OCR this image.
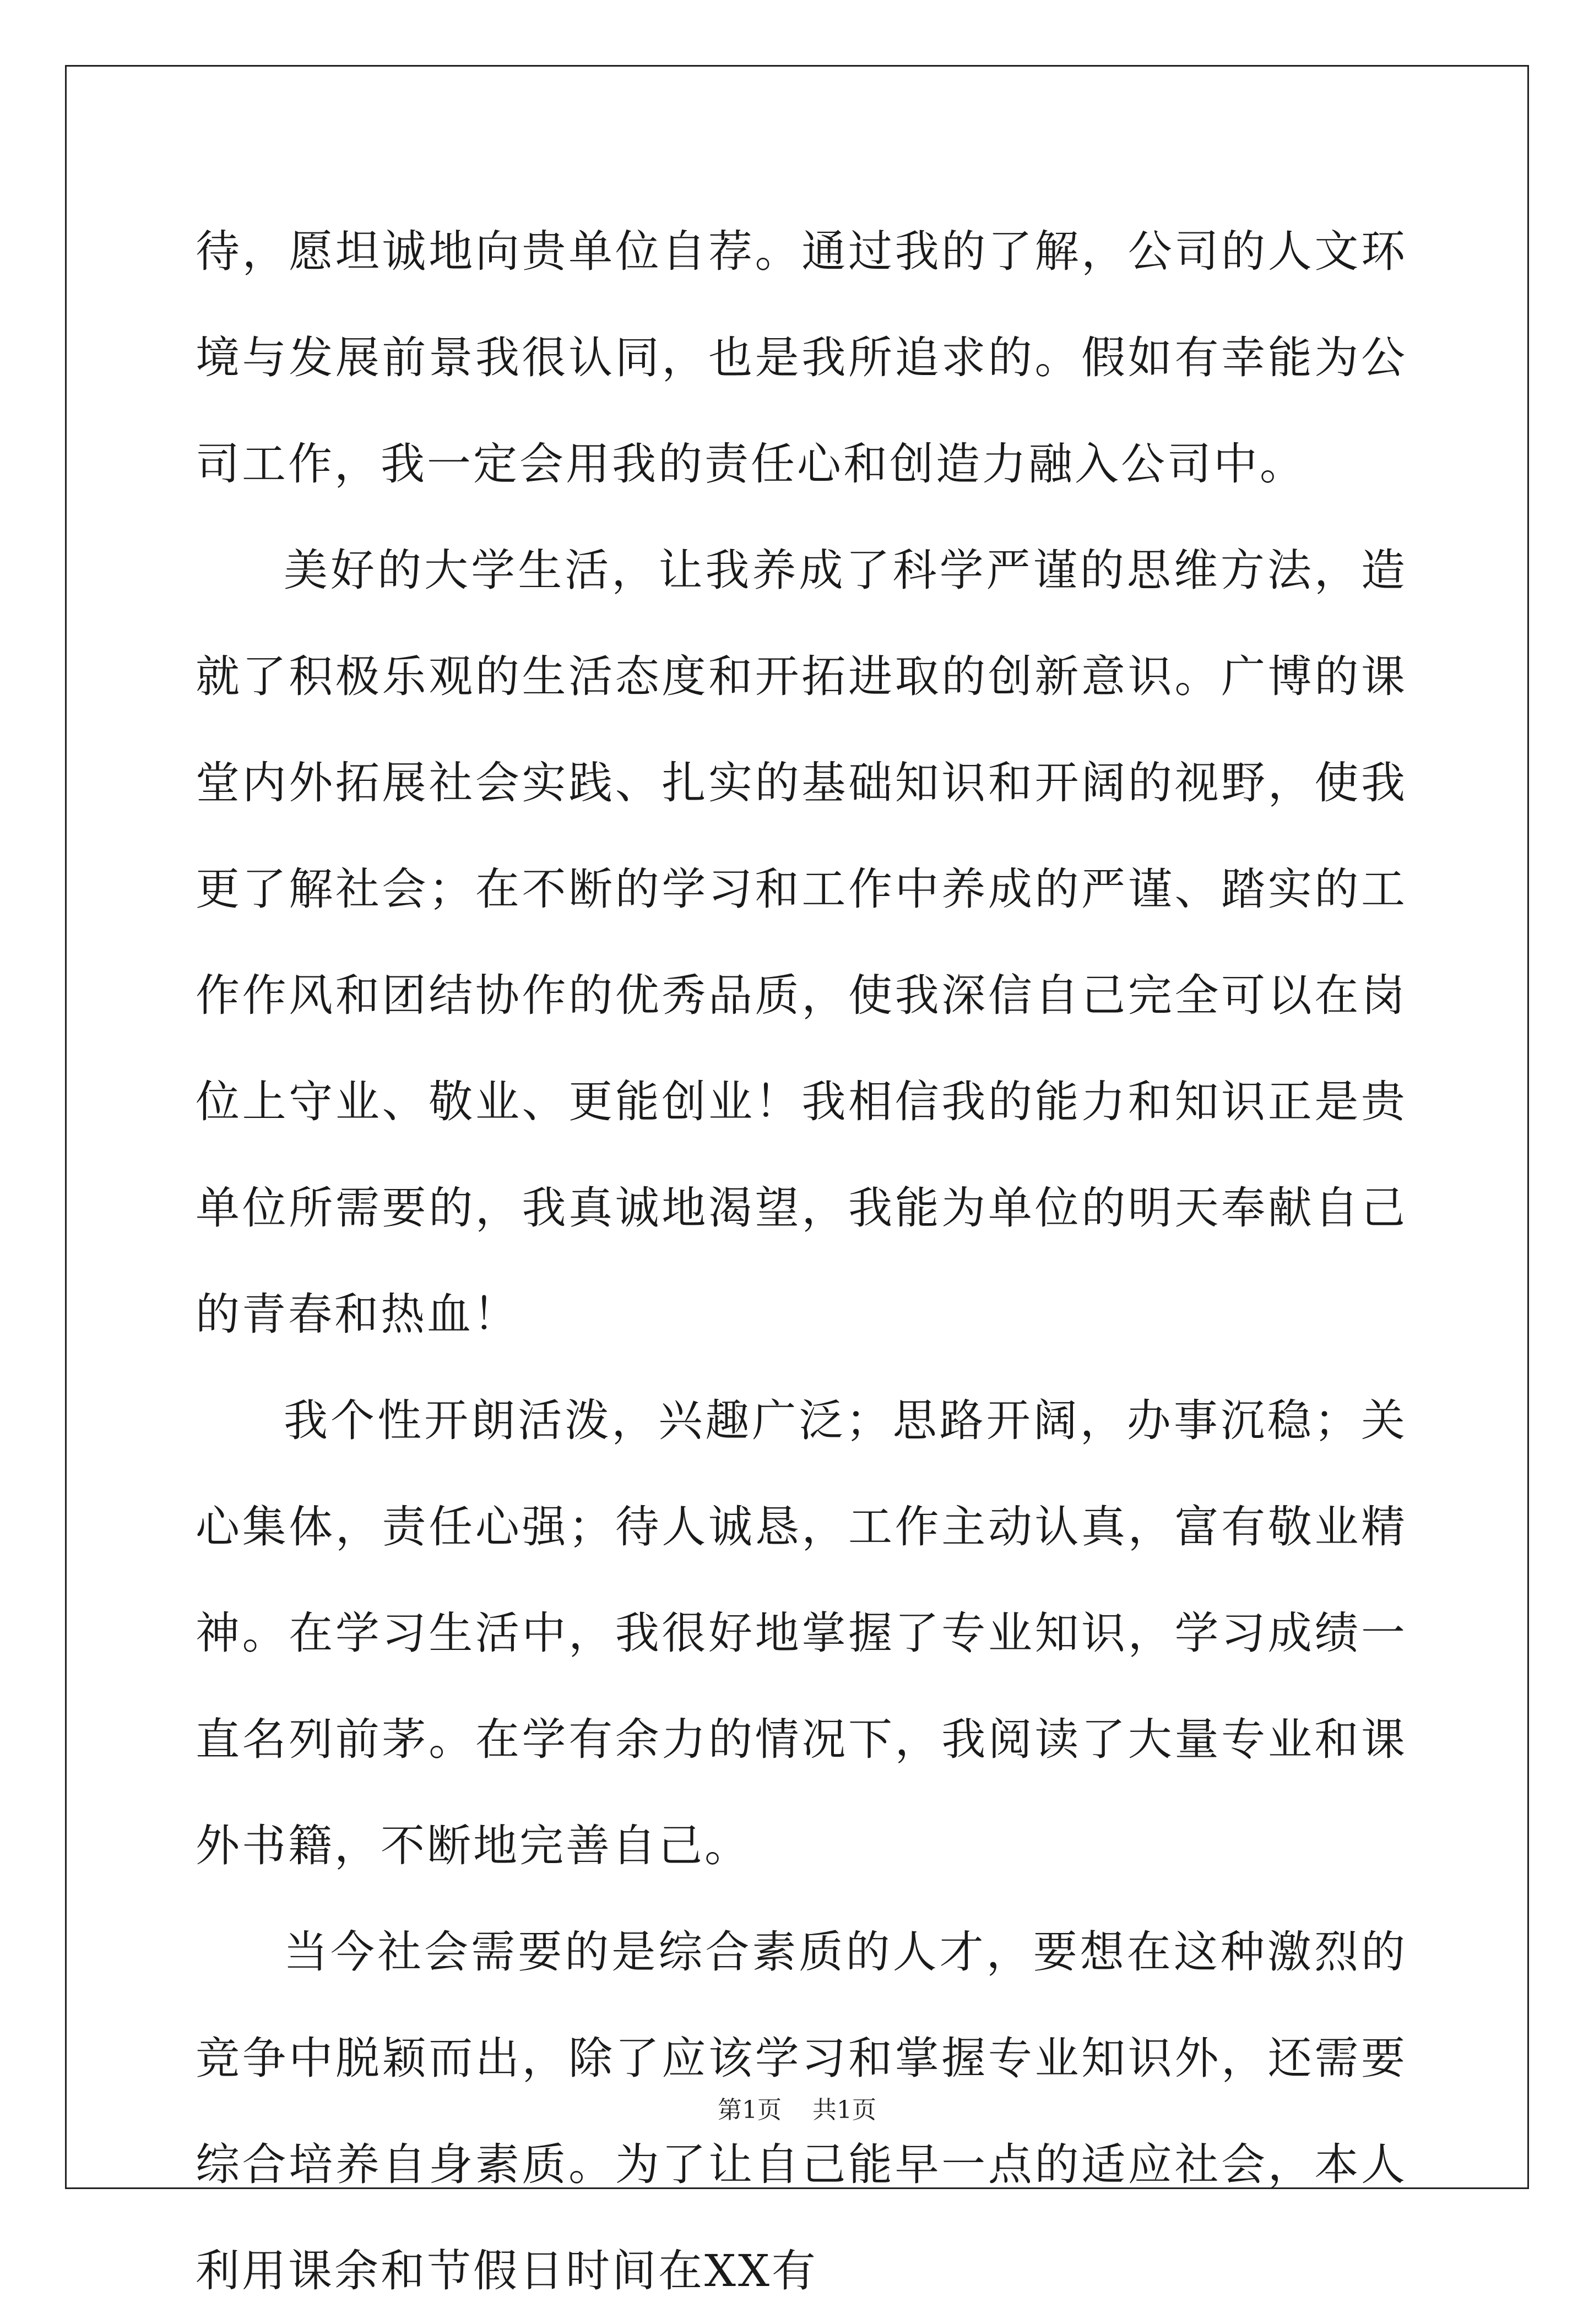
待，愿坦诚地向贵单位自荐。通过我的了解，公司的人文环境与发展前景我很认同，也是我所追求的。假如有幸能为公司工作，我一定会用我的责任心和创造力融入公司中。

美好的大学生活，让我养成了科学严谨的思维方法，造就了积极乐观的生活态度和开拓进取的创新意识。广博的课堂内外拓展社会实践、扎实的基础知识和开阔的视野，使我更了解社会；在不断的学习和工作中养成的严谨、踏实的工作作风和团结协作的优秀品质，使我深信自己完全可以在岗位上守业、敬业、更能创业！我相信我的能力和知识正是贵单位所需要的，我真诚地渴望，我能为单位的明天奉献自己的青春和热血！

我个性开朗活泼，兴趣广泛；思路开阔，办事沉稳；关心集体，责任心强；待人诚恳，工作主动认真，富有敬业精神。在学习生活中，我很好地掌握了专业知识，学习成绩一直名列前茅。在学有余力的情况下，我阅读了大量专业和课外书籍，不断地完善自己。

当今社会需要的是综合素质的人才，要想在这种激烈的竞争中脱颖而出，除了应该学习和掌握专业知识外，还需要综合培养自身素质。为了让自己能早一点的适应社会，本人利用课余和节假日时间在XX有

第1页 共1页
